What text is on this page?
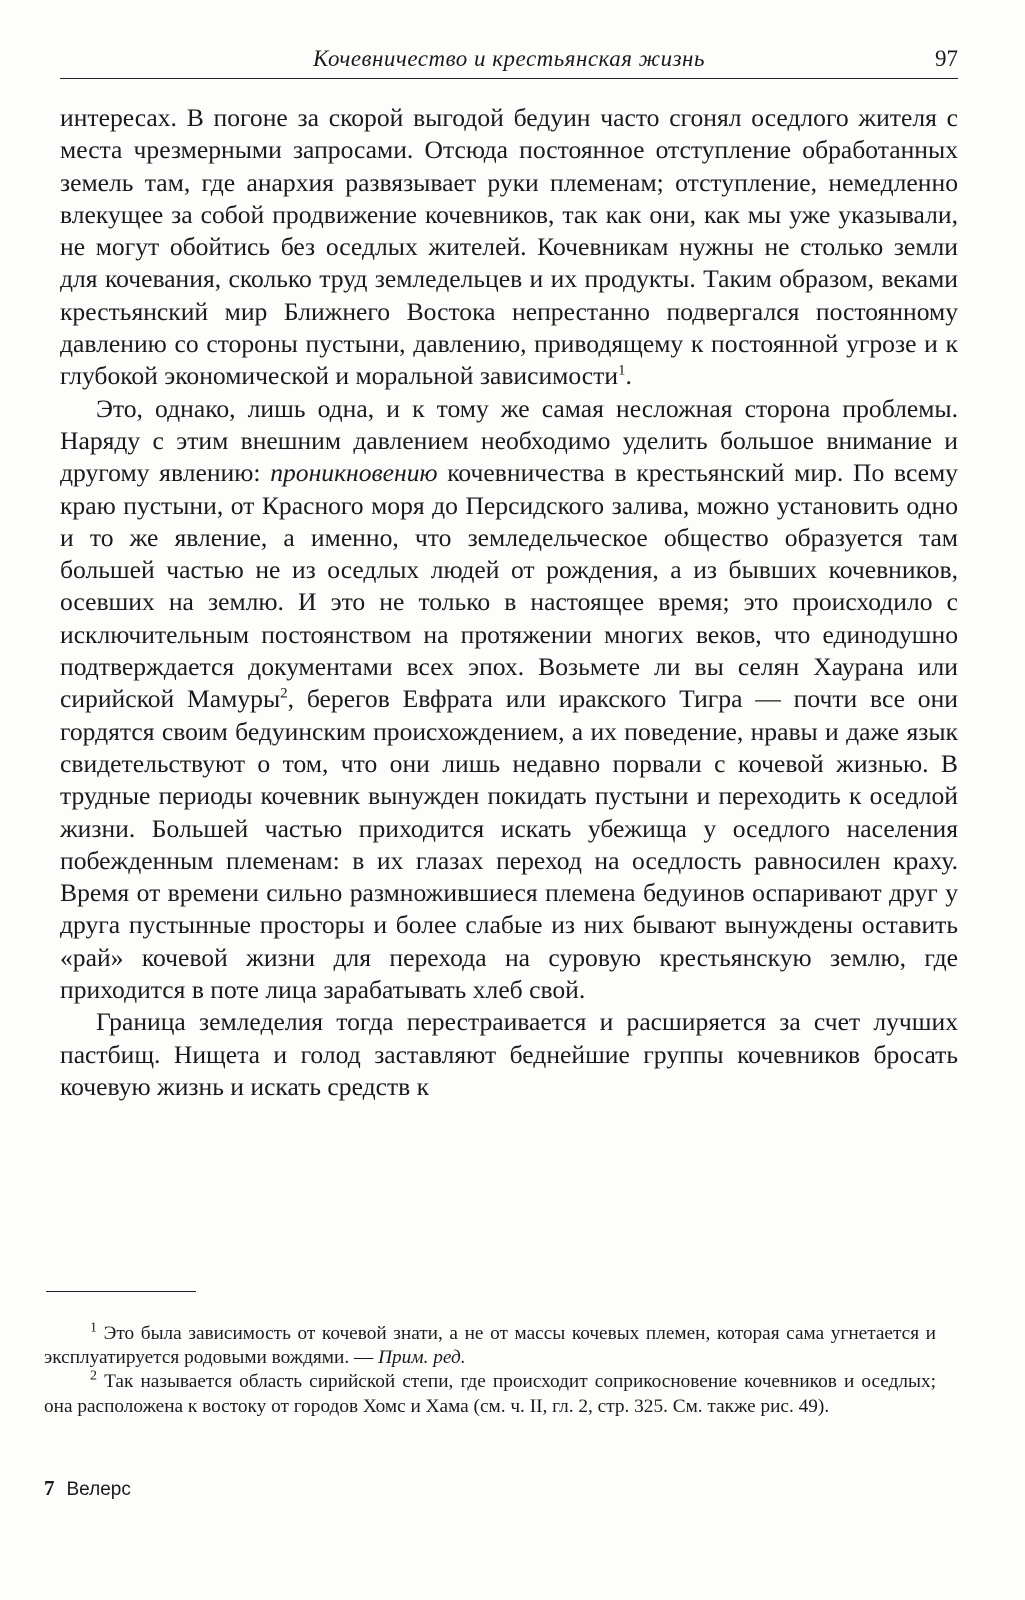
Кочевничество и крестьянская жизнь	97

интересах. В погоне за скорой выгодой бедуин часто сгонял оседлого жителя с места чрезмерными запросами. Отсюда постоянное отступление обработанных земель там, где анархия развязывает руки племенам; отступление, немедленно влекущее за собой продвижение кочевников, так как они, как мы уже указывали, не могут обойтись без оседлых жителей. Кочевникам нужны не столько земли для кочевания, сколько труд земледельцев и их продукты. Таким образом, веками крестьянский мир Ближнего Востока непрестанно подвергался постоянному давлению со стороны пустыни, давлению, приводящему к постоянной угрозе и к глубокой экономической и моральной зависимости$^1$.

Это, однако, лишь одна, и к тому же самая несложная сторона проблемы. Наряду с этим внешним давлением необходимо уделить большое внимание и другому явлению: проникновению кочевничества в крестьянский мир. По всему краю пустыни, от Красного моря до Персидского залива, можно установить одно и то же явление, а именно, что земледельческое общество образуется там большей частью не из оседлых людей от рождения, а из бывших кочевников, осевших на землю. И это не только в настоящее время; это происходило с исключительным постоянством на протяжении многих веков, что единодушно подтверждается документами всех эпох. Возьмете ли вы селян Хаурана или сирийской Мамуры$^2$, берегов Евфрата или иракского Тигра — почти все они гордятся своим бедуинским происхождением, а их поведение, нравы и даже язык свидетельствуют о том, что они лишь недавно порвали с кочевой жизнью. В трудные периоды кочевник вынужден покидать пустыни и переходить к оседлой жизни. Большей частью приходится искать убежища у оседлого населения побежденным племенам: в их глазах переход на оседлость равносилен краху. Время от времени сильно размножившиеся племена бедуинов оспаривают друг у друга пустынные просторы и более слабые из них бывают вынуждены оставить «рай» кочевой жизни для перехода на суровую крестьянскую землю, где приходится в поте лица зарабатывать хлеб свой.

Граница земледелия тогда перестраивается и расширяется за счет лучших пастбищ. Нищета и голод заставляют беднейшие группы кочевников бросать кочевую жизнь и искать средств к

$^1$ Это была зависимость от кочевой знати, а не от массы кочевых племен, которая сама угнетается и эксплуатируется родовыми вождями. — Прим. ред.

$^2$ Так называется область сирийской степи, где происходит соприкосновение кочевников и оседлых; она расположена к востоку от городов Хомс и Хама (см. ч. II, гл. 2, стр. 325. См. также рис. 49).

7 Велерс
